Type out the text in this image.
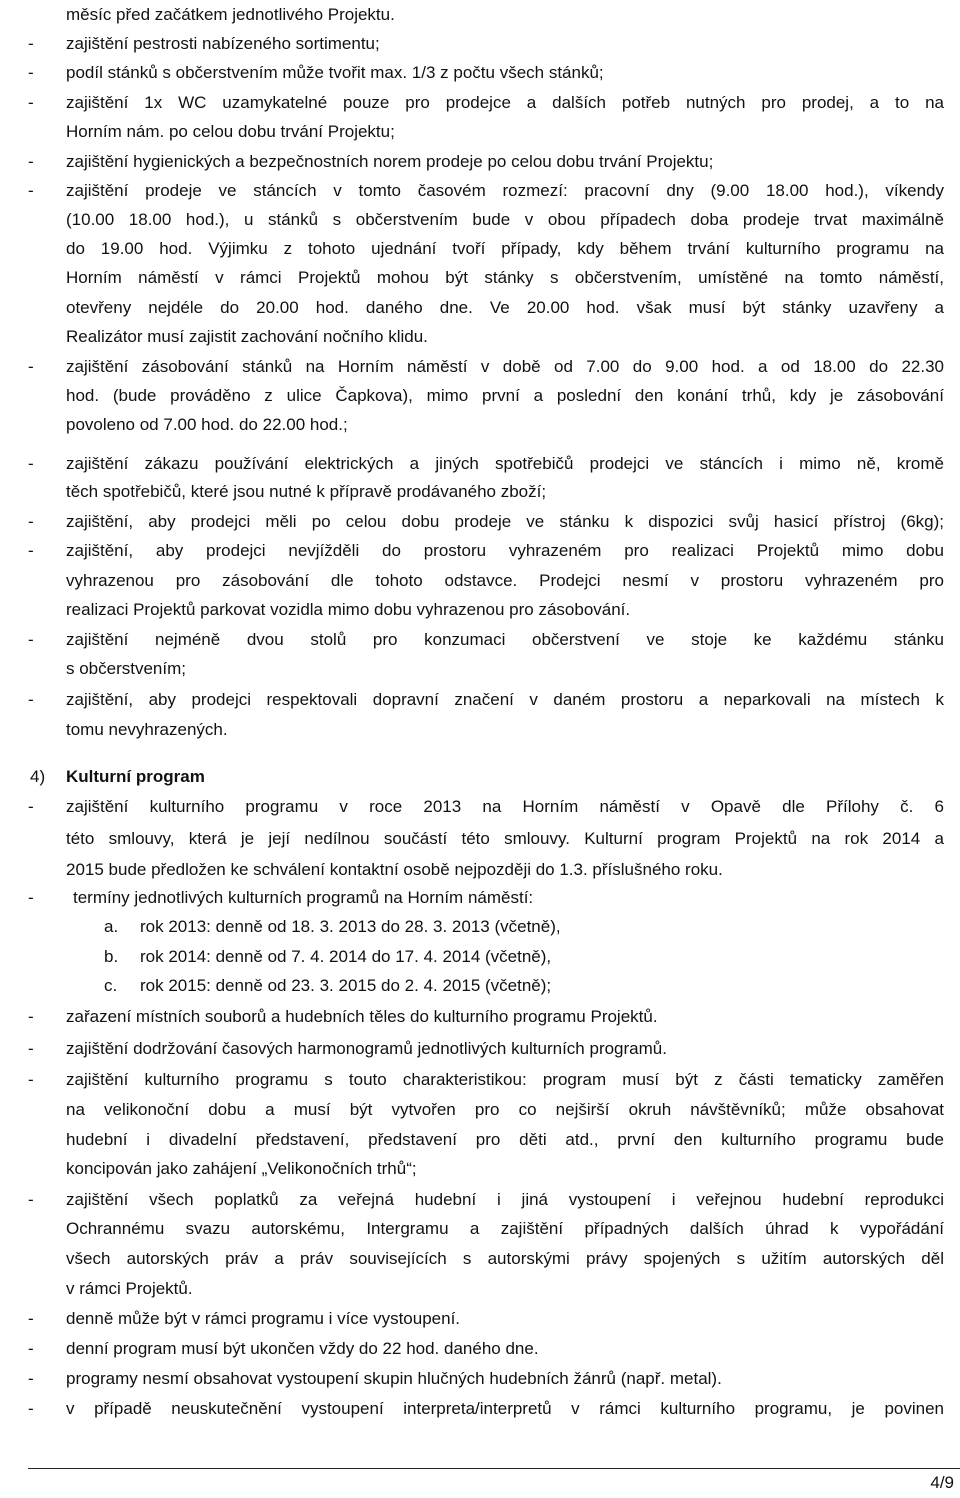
měsíc před začátkem jednotlivého Projektu.
- zajištění pestrosti nabízeného sortimentu;
- podíl stánků s občerstvením může tvořit max. 1/3 z počtu všech stánků;
- zajištění 1x WC uzamykatelné pouze pro prodejce a dalších potřeb nutných pro prodej, a to na
Horním nám. po celou dobu trvání Projektu;
- zajištění hygienických a bezpečnostních norem prodeje po celou dobu trvání Projektu;
- zajištění prodeje ve stáncích v tomto časovém rozmezí: pracovní dny (9.00 18.00 hod.), víkendy
(10.00 18.00 hod.), u stánků s občerstvením bude v obou případech doba prodeje trvat maximálně
do 19.00 hod. Výjimku z tohoto ujednání tvoří případy, kdy během trvání kulturního programu na
Horním náměstí v rámci Projektů mohou být stánky s občerstvením, umístěné na tomto náměstí,
otevřeny nejdéle do 20.00 hod. daného dne. Ve 20.00 hod. však musí být stánky uzavřeny a
Realizátor musí zajistit zachování nočního klidu.
- zajištění zásobování stánků na Horním náměstí v době od 7.00 do 9.00 hod. a od 18.00 do 22.30
hod. (bude prováděno z ulice Čapkova), mimo první a poslední den konání trhů, kdy je zásobování
povoleno od 7.00 hod. do 22.00 hod.;
- zajištění zákazu používání elektrických a jiných spotřebičů prodejci ve stáncích i mimo ně, kromě
těch spotřebičů, které jsou nutné k přípravě prodávaného zboží;
- zajištění, aby prodejci měli po celou dobu prodeje ve stánku k dispozici svůj hasicí přístroj (6kg);
- zajištění, aby prodejci nevjížděli do prostoru vyhrazeném pro realizaci Projektů mimo dobu
vyhrazenou pro zásobování dle tohoto odstavce. Prodejci nesmí v prostoru vyhrazeném pro
realizaci Projektů parkovat vozidla mimo dobu vyhrazenou pro zásobování.
- zajištění nejméně dvou stolů pro konzumaci občerstvení ve stoje ke každému stánku
s občerstvením;
- zajištění, aby prodejci respektovali dopravní značení v daném prostoru a neparkovali na místech k
tomu nevyhrazených.
4) Kulturní program
- zajištění kulturního programu v roce 2013 na Horním náměstí v Opavě dle Přílohy č. 6
této smlouvy, která je její nedílnou součástí této smlouvy. Kulturní program Projektů na rok 2014 a
2015 bude předložen ke schválení kontaktní osobě nejpozději do 1.3. příslušného roku.
- termíny jednotlivých kulturních programů na Horním náměstí:
a. rok 2013: denně od 18. 3. 2013 do 28. 3. 2013 (včetně),
b. rok 2014: denně od 7. 4. 2014 do 17. 4. 2014 (včetně),
c. rok 2015: denně od 23. 3. 2015 do 2. 4. 2015 (včetně);
- zařazení místních souborů a hudebních těles do kulturního programu Projektů.
- zajištění dodržování časových harmonogramů jednotlivých kulturních programů.
- zajištění kulturního programu s touto charakteristikou: program musí být z části tematicky zaměřen
na velikonoční dobu a musí být vytvořen pro co nejširší okruh návštěvníků; může obsahovat
hudební i divadelní představení, představení pro děti atd., první den kulturního programu bude
koncipován jako zahájení „Velikonočních trhů“;
- zajištění všech poplatků za veřejná hudební i jiná vystoupení i veřejnou hudební reprodukci
Ochrannému svazu autorskému, Intergramu a zajištění případných dalších úhrad k vypořádání
všech autorských práv a práv souvisejících s autorskými právy spojených s užitím autorských děl
v rámci Projektů.
- denně může být v rámci programu i více vystoupení.
- denní program musí být ukončen vždy do 22 hod. daného dne.
- programy nesmí obsahovat vystoupení skupin hlučných hudebních žánrů (např. metal).
- v případě neuskutečnění vystoupení interpreta/interpretů v rámci kulturního programu, je povinen
4/9
